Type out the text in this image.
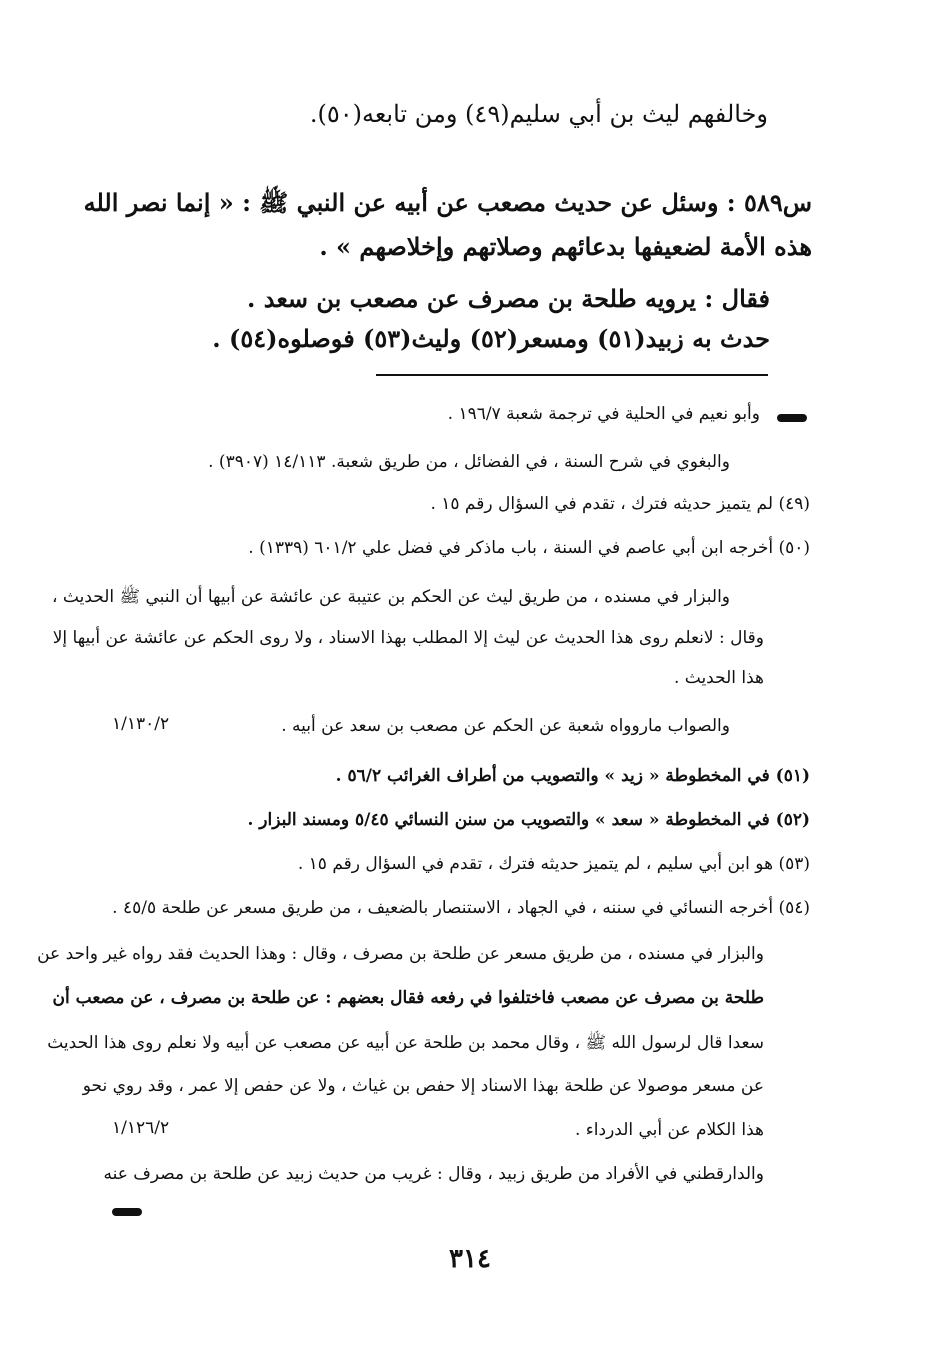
وخالفهم ليث بن أبي سليم(٤٩) ومن تابعه(٥٠).
س٥٨٩ : وسئل عن حديث مصعب عن أبيه عن النبي ﷺ : « إنما نصر الله
هذه الأمة لضعيفها بدعائهم وصلاتهم وإخلاصهم » .
فقال : يرويه طلحة بن مصرف عن مصعب بن سعد .
حدث به زبيد(٥١) ومسعر(٥٢) وليث(٥٣) فوصلوه(٥٤) .
وأبو نعيم في الحلية في ترجمة شعبة ١٩٦/٧ .
والبغوي في شرح السنة ، في الفضائل ، من طريق شعبة. ١٤/١١٣ (٣٩٠٧) .
(٤٩) لم يتميز حديثه فترك ، تقدم في السؤال رقم ١٥ .
(٥٠) أخرجه ابن أبي عاصم في السنة ، باب ماذكر في فضل علي ٦٠١/٢ (١٣٣٩) .
والبزار في مسنده ، من طريق ليث عن الحكم بن عتيبة عن عائشة عن أبيها أن النبي ﷺ الحديث ،
وقال : لانعلم روى هذا الحديث عن ليث إلا المطلب بهذا الاسناد ، ولا روى الحكم عن عائشة عن أبيها إلا
هذا الحديث .
والصواب ماروواه شعبة عن الحكم عن مصعب بن سعد عن أبيه .
١/١٣٠/٢
(٥١) في المخطوطة « زيد » والتصويب من أطراف الغرائب ٥٦/٢ .
(٥٢) في المخطوطة « سعد » والتصويب من سنن النسائي ٥/٤٥ ومسند البزار .
(٥٣) هو ابن أبي سليم ، لم يتميز حديثه فترك ، تقدم في السؤال رقم ١٥ .
(٥٤) أخرجه النسائي في سننه ، في الجهاد ، الاستنصار بالضعيف ، من طريق مسعر عن طلحة ٤٥/٥ .
والبزار في مسنده ، من طريق مسعر عن طلحة بن مصرف ، وقال : وهذا الحديث فقد رواه غير واحد عن
طلحة بن مصرف عن مصعب فاختلفوا في رفعه فقال بعضهم : عن طلحة بن مصرف ، عن مصعب أن
سعدا قال لرسول الله ﷺ ، وقال محمد بن طلحة عن أبيه عن مصعب عن أبيه ولا نعلم روى هذا الحديث
عن مسعر موصولا عن طلحة بهذا الاسناد إلا حفص بن غياث ، ولا عن حفص إلا عمر ، وقد روي نحو
هذا الكلام عن أبي الدرداء .
١/١٢٦/٢
والدارقطني في الأفراد من طريق زبيد ، وقال : غريب من حديث زبيد عن طلحة بن مصرف عنه
٣١٤
